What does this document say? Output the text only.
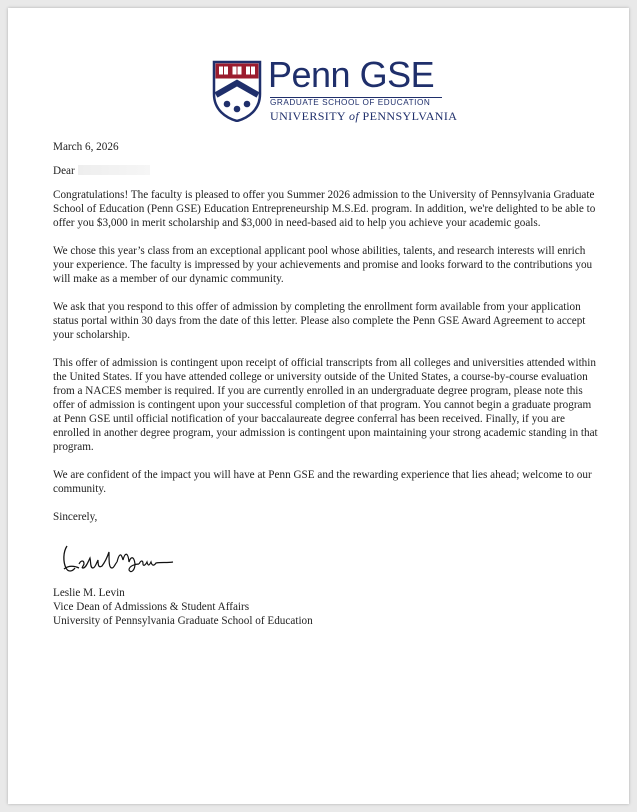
Penn GSE
GRADUATE SCHOOL OF EDUCATION
UNIVERSITY of PENNSYLVANIA

March 6, 2026

Dear

Congratulations! The faculty is pleased to offer you Summer 2026 admission to the University of Pennsylvania Graduate School of Education (Penn GSE) Education Entrepreneurship M.S.Ed. program. In addition, we're delighted to be able to offer you $3,000 in merit scholarship and $3,000 in need-based aid to help you achieve your academic goals.

We chose this year’s class from an exceptional applicant pool whose abilities, talents, and research interests will enrich your experience. The faculty is impressed by your achievements and promise and looks forward to the contributions you will make as a member of our dynamic community.

We ask that you respond to this offer of admission by completing the enrollment form available from your application status portal within 30 days from the date of this letter. Please also complete the Penn GSE Award Agreement to accept your scholarship.

This offer of admission is contingent upon receipt of official transcripts from all colleges and universities attended within the United States. If you have attended college or university outside of the United States, a course-by-course evaluation from a NACES member is required. If you are currently enrolled in an undergraduate degree program, please note this offer of admission is contingent upon your successful completion of that program. You cannot begin a graduate program at Penn GSE until official notification of your baccalaureate degree conferral has been received. Finally, if you are enrolled in another degree program, your admission is contingent upon maintaining your strong academic standing in that program.

We are confident of the impact you will have at Penn GSE and the rewarding experience that lies ahead; welcome to our community.

Sincerely,

Leslie M. Levin
Vice Dean of Admissions & Student Affairs
University of Pennsylvania Graduate School of Education
